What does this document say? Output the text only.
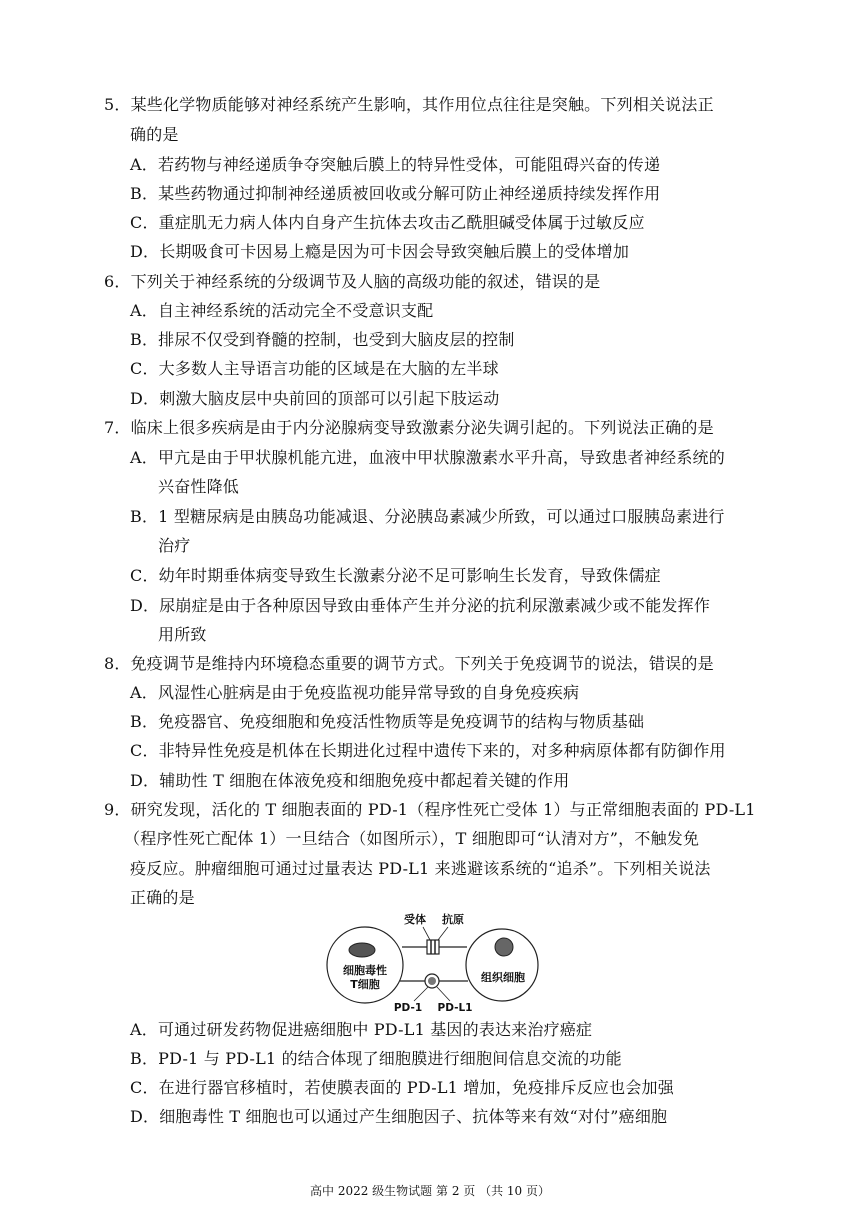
5．某些化学物质能够对神经系统产生影响，其作用位点往往是突触。下列相关说法正
确的是
A．若药物与神经递质争夺突触后膜上的特异性受体，可能阻碍兴奋的传递
B．某些药物通过抑制神经递质被回收或分解可防止神经递质持续发挥作用
C．重症肌无力病人体内自身产生抗体去攻击乙酰胆碱受体属于过敏反应
D．长期吸食可卡因易上瘾是因为可卡因会导致突触后膜上的受体增加
6．下列关于神经系统的分级调节及人脑的高级功能的叙述，错误的是
A．自主神经系统的活动完全不受意识支配
B．排尿不仅受到脊髓的控制，也受到大脑皮层的控制
C．大多数人主导语言功能的区域是在大脑的左半球
D．刺激大脑皮层中央前回的顶部可以引起下肢运动
7．临床上很多疾病是由于内分泌腺病变导致激素分泌失调引起的。下列说法正确的是
A．甲亢是由于甲状腺机能亢进，血液中甲状腺激素水平升高，导致患者神经系统的
兴奋性降低
B．1 型糖尿病是由胰岛功能减退、分泌胰岛素减少所致，可以通过口服胰岛素进行
治疗
C．幼年时期垂体病变导致生长激素分泌不足可影响生长发育，导致侏儒症
D．尿崩症是由于各种原因导致由垂体产生并分泌的抗利尿激素减少或不能发挥作
用所致
8．免疫调节是维持内环境稳态重要的调节方式。下列关于免疫调节的说法，错误的是
A．风湿性心脏病是由于免疫监视功能异常导致的自身免疫疾病
B．免疫器官、免疫细胞和免疫活性物质等是免疫调节的结构与物质基础
C．非特异性免疫是机体在长期进化过程中遗传下来的，对多种病原体都有防御作用
D．辅助性 T 细胞在体液免疫和细胞免疫中都起着关键的作用
9．研究发现，活化的 T 细胞表面的 PD-1（程序性死亡受体 1）与正常细胞表面的 PD-L1
（程序性死亡配体 1）一旦结合（如图所示），T 细胞即可“认清对方”，不触发免
疫反应。肿瘤细胞可通过过量表达 PD-L1 来逃避该系统的“追杀”。下列相关说法
正确的是
细胞毒性
T细胞
组织细胞
受体 抗原
PD-1 PD-L1
A．可通过研发药物促进癌细胞中 PD-L1 基因的表达来治疗癌症
B．PD-1 与 PD-L1 的结合体现了细胞膜进行细胞间信息交流的功能
C．在进行器官移植时，若使膜表面的 PD-L1 增加，免疫排斥反应也会加强
D．细胞毒性 T 细胞也可以通过产生细胞因子、抗体等来有效“对付”癌细胞
高中 2022 级生物试题 第 2 页 （共 10 页）
